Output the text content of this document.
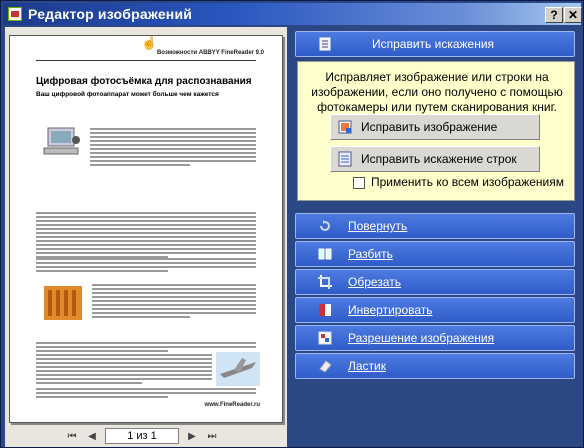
Редактор изображений	? ✕
☝
Возможности ABBYY FineReader 9.0
Цифровая фотосъёмка для распознавания
Ваш цифровой фотоаппарат может больше чем кажется
www.FineReader.ru
⏮	◀	1 из 1	▶	⏭
Исправить искажения
Исправляет изображение или строки на изображении, если оно получено с помощью фотокамеры или путем сканирования книг.
Исправить изображение
Исправить искажение строк
Применить ко всем изображениям
Повернуть
Разбить
Обрезать
Инвертировать
Разрешение изображения
Ластик
